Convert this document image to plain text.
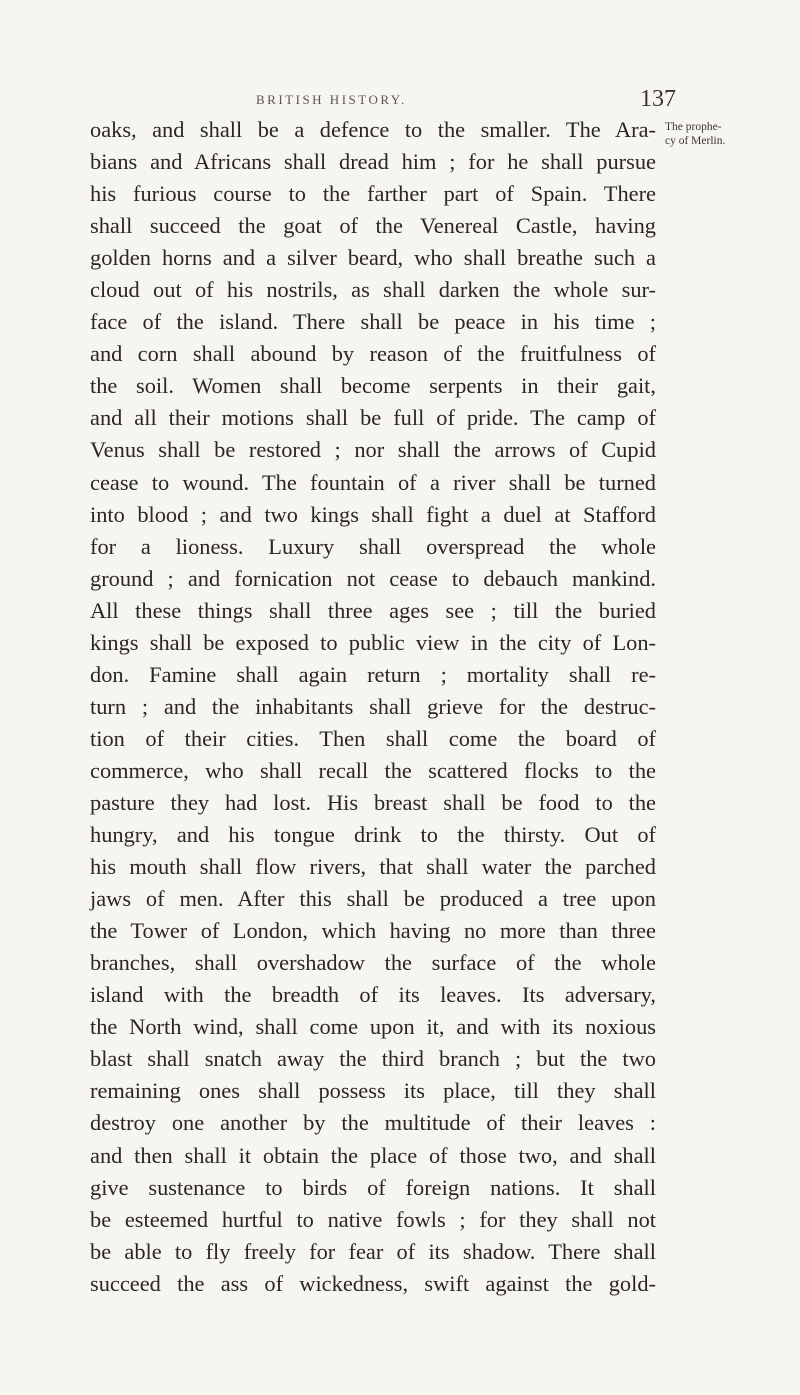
BRITISH HISTORY.	137
The prophe-
cy of Merlin.
oaks, and shall be a defence to the smaller. The Ara-
bians and Africans shall dread him ; for he shall pursue
his furious course to the farther part of Spain. There
shall succeed the goat of the Venereal Castle, having
golden horns and a silver beard, who shall breathe such a
cloud out of his nostrils, as shall darken the whole sur-
face of the island. There shall be peace in his time ;
and corn shall abound by reason of the fruitfulness of
the soil. Women shall become serpents in their gait,
and all their motions shall be full of pride. The camp of
Venus shall be restored ; nor shall the arrows of Cupid
cease to wound. The fountain of a river shall be turned
into blood ; and two kings shall fight a duel at Stafford
for a lioness. Luxury shall overspread the whole
ground ; and fornication not cease to debauch mankind.
All these things shall three ages see ; till the buried
kings shall be exposed to public view in the city of Lon-
don. Famine shall again return ; mortality shall re-
turn ; and the inhabitants shall grieve for the destruc-
tion of their cities. Then shall come the board of
commerce, who shall recall the scattered flocks to the
pasture they had lost. His breast shall be food to the
hungry, and his tongue drink to the thirsty. Out of
his mouth shall flow rivers, that shall water the parched
jaws of men. After this shall be produced a tree upon
the Tower of London, which having no more than three
branches, shall overshadow the surface of the whole
island with the breadth of its leaves. Its adversary,
the North wind, shall come upon it, and with its noxious
blast shall snatch away the third branch ; but the two
remaining ones shall possess its place, till they shall
destroy one another by the multitude of their leaves :
and then shall it obtain the place of those two, and shall
give sustenance to birds of foreign nations. It shall
be esteemed hurtful to native fowls ; for they shall not
be able to fly freely for fear of its shadow. There shall
succeed the ass of wickedness, swift against the gold-
